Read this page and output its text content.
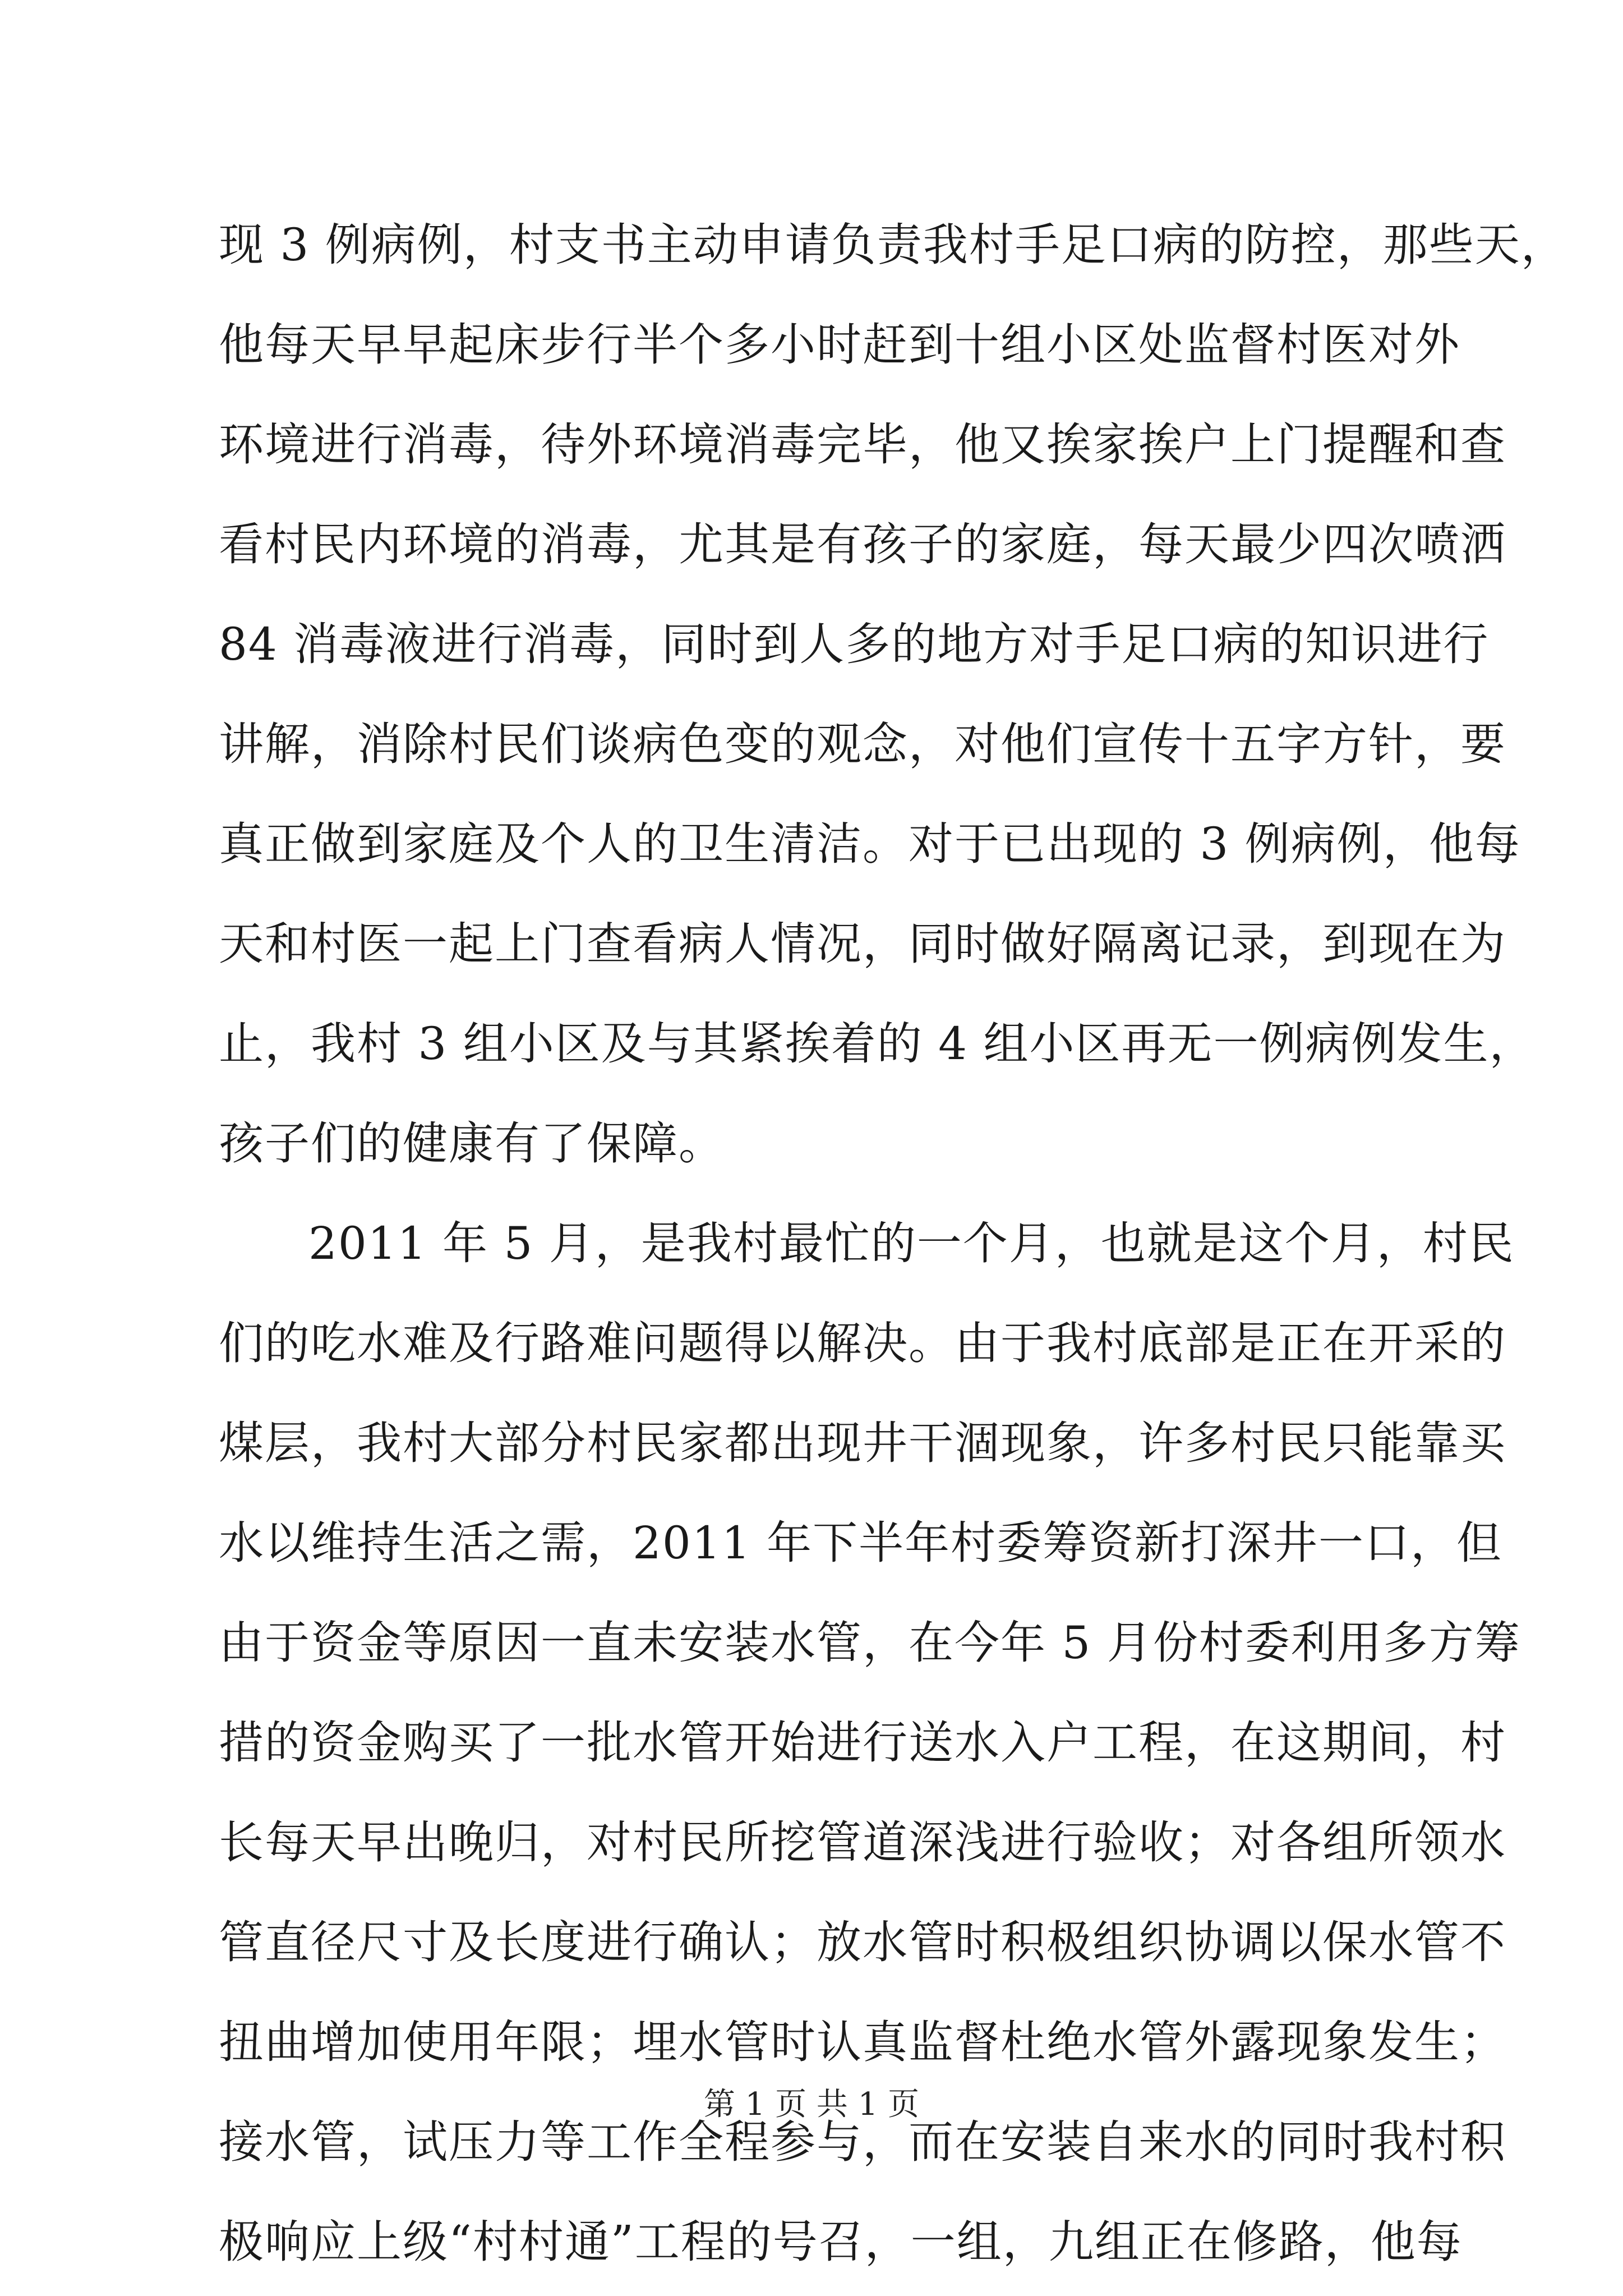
现 3 例病例，村支书主动申请负责我村手足口病的防控，那些天，
他每天早早起床步行半个多小时赶到十组小区处监督村医对外
环境进行消毒，待外环境消毒完毕，他又挨家挨户上门提醒和查
看村民内环境的消毒，尤其是有孩子的家庭，每天最少四次喷洒
84 消毒液进行消毒，同时到人多的地方对手足口病的知识进行
讲解，消除村民们谈病色变的观念，对他们宣传十五字方针，要
真正做到家庭及个人的卫生清洁。对于已出现的 3 例病例，他每
天和村医一起上门查看病人情况，同时做好隔离记录，到现在为
止，我村 3 组小区及与其紧挨着的 4 组小区再无一例病例发生，
孩子们的健康有了保障。
2011 年 5 月，是我村最忙的一个月，也就是这个月，村民
们的吃水难及行路难问题得以解决。由于我村底部是正在开采的
煤层，我村大部分村民家都出现井干涸现象，许多村民只能靠买
水以维持生活之需，2011 年下半年村委筹资新打深井一口，但
由于资金等原因一直未安装水管，在今年 5 月份村委利用多方筹
措的资金购买了一批水管开始进行送水入户工程，在这期间，村
长每天早出晚归，对村民所挖管道深浅进行验收；对各组所领水
管直径尺寸及长度进行确认；放水管时积极组织协调以保水管不
扭曲增加使用年限；埋水管时认真监督杜绝水管外露现象发生；
接水管，试压力等工作全程参与，而在安装自来水的同时我村积
极响应上级“村村通”工程的号召，一组，九组正在修路，他每
第 1 页 共 1 页
